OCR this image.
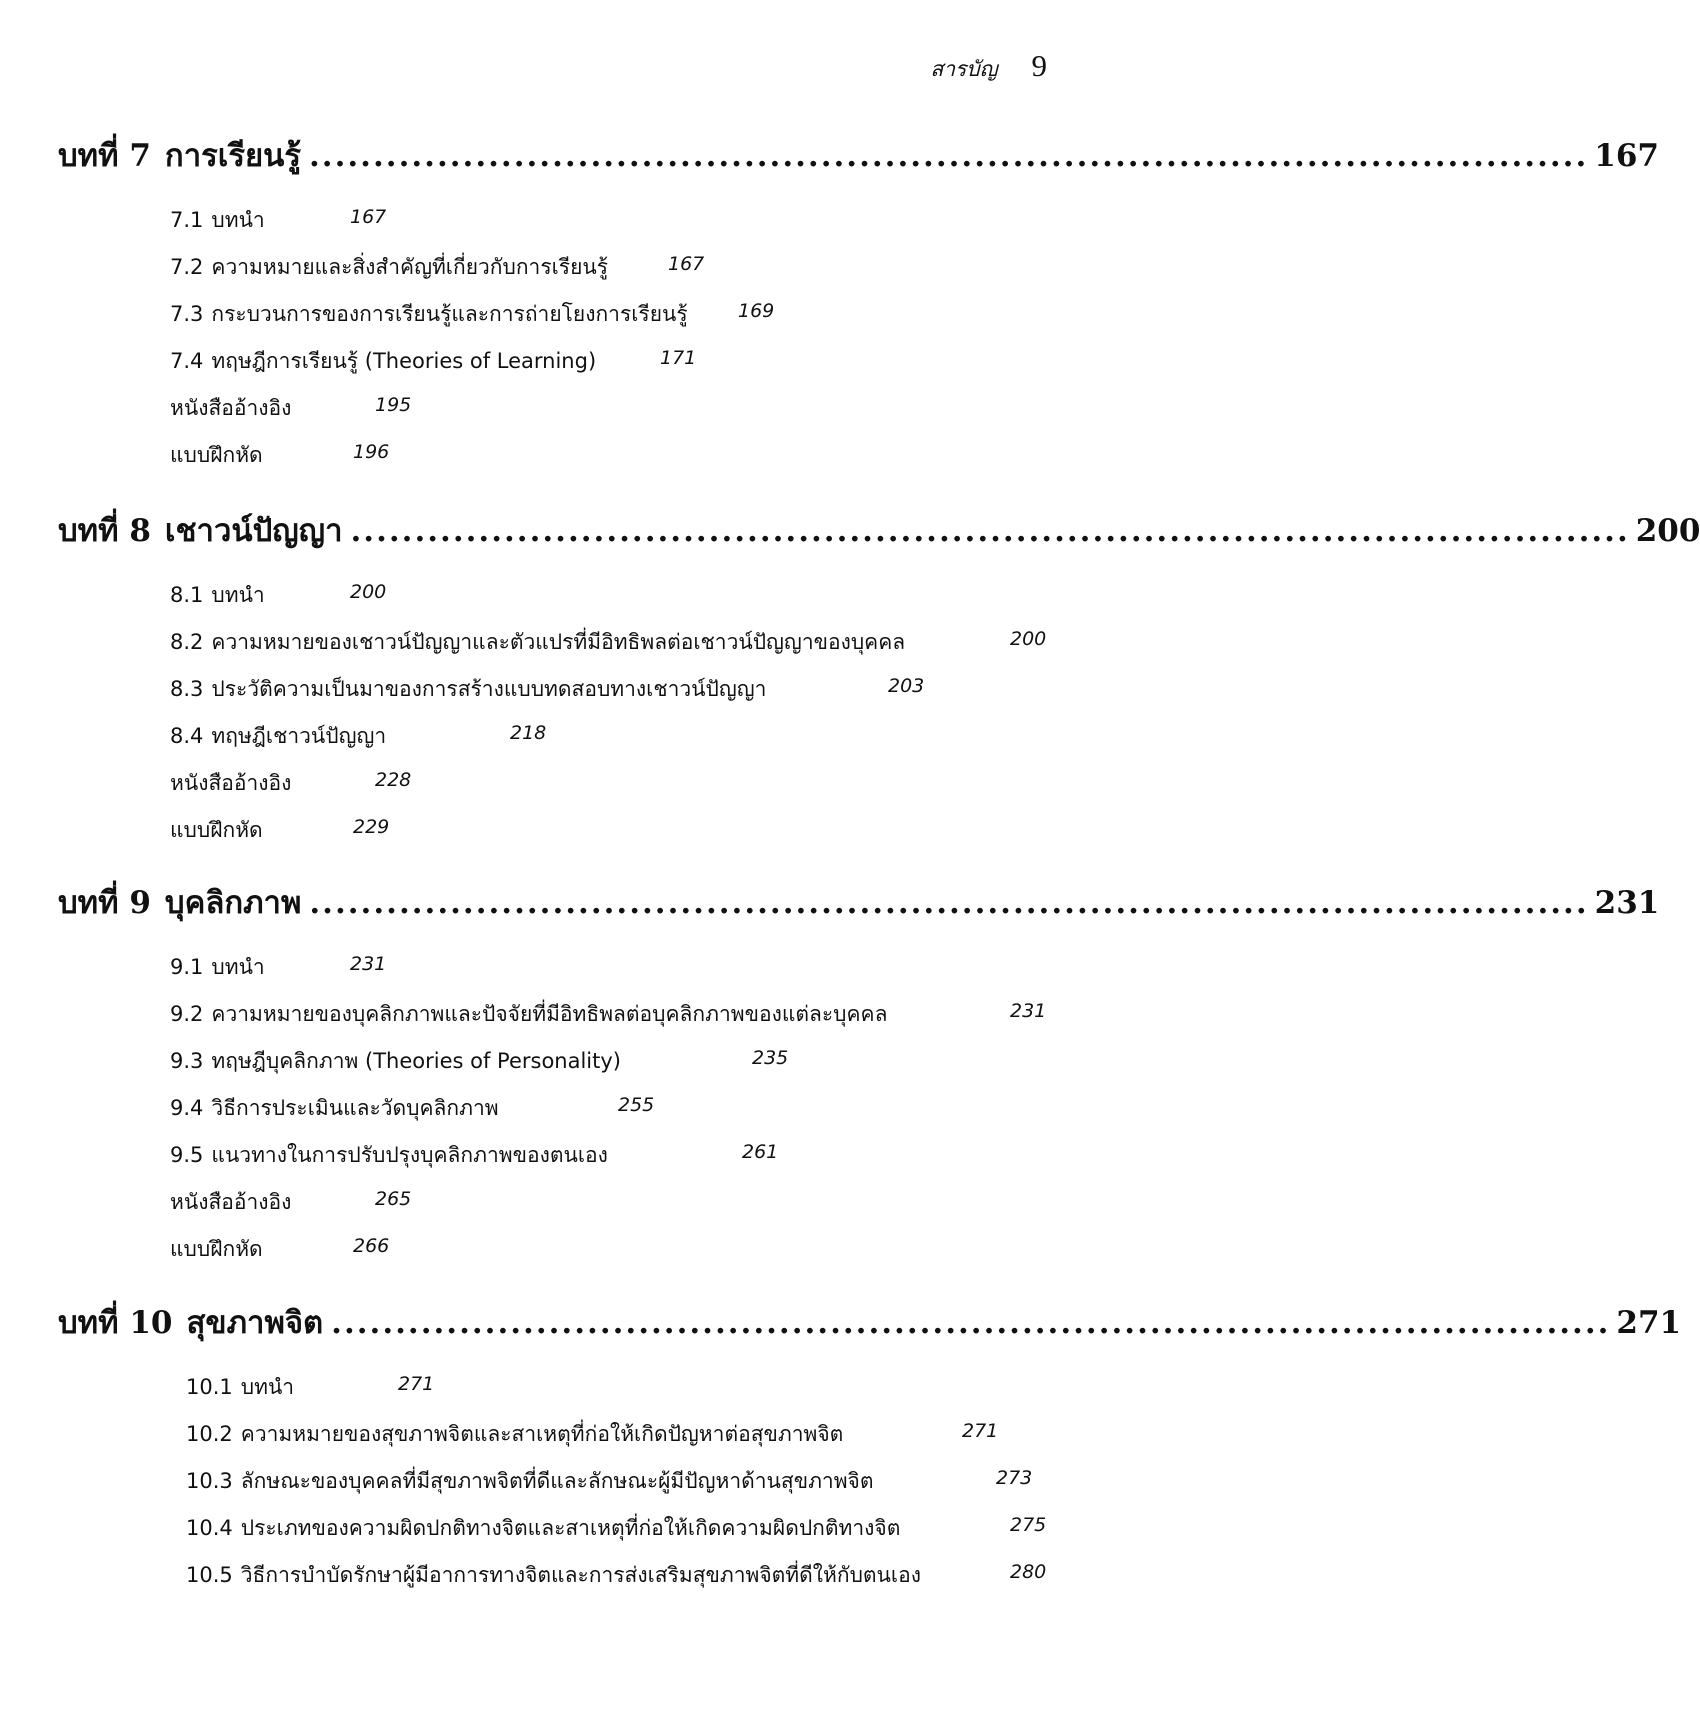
สารบัญ 9
บทที่ 7 การเรียนรู้ .................................................................................................... 167
7.1 บทนำ	167
7.2 ความหมายและสิ่งสำคัญที่เกี่ยวกับการเรียนรู้	167
7.3 กระบวนการของการเรียนรู้และการถ่ายโยงการเรียนรู้	169
7.4 ทฤษฎีการเรียนรู้ (Theories of Learning)	171
หนังสืออ้างอิง	195
แบบฝึกหัด	196
บทที่ 8 เชาวน์ปัญญา .................................................................................................... 200
8.1 บทนำ	200
8.2 ความหมายของเชาวน์ปัญญาและตัวแปรที่มีอิทธิพลต่อเชาวน์ปัญญาของบุคคล	200
8.3 ประวัติความเป็นมาของการสร้างแบบทดสอบทางเชาวน์ปัญญา	203
8.4 ทฤษฎีเชาวน์ปัญญา	218
หนังสืออ้างอิง	228
แบบฝึกหัด	229
บทที่ 9 บุคลิกภาพ .................................................................................................... 231
9.1 บทนำ	231
9.2 ความหมายของบุคลิกภาพและปัจจัยที่มีอิทธิพลต่อบุคลิกภาพของแต่ละบุคคล	231
9.3 ทฤษฎีบุคลิกภาพ (Theories of Personality)	235
9.4 วิธีการประเมินและวัดบุคลิกภาพ	255
9.5 แนวทางในการปรับปรุงบุคลิกภาพของตนเอง	261
หนังสืออ้างอิง	265
แบบฝึกหัด	266
บทที่ 10 สุขภาพจิต .................................................................................................... 271
10.1 บทนำ	271
10.2 ความหมายของสุขภาพจิตและสาเหตุที่ก่อให้เกิดปัญหาต่อสุขภาพจิต	271
10.3 ลักษณะของบุคคลที่มีสุขภาพจิตที่ดีและลักษณะผู้มีปัญหาด้านสุขภาพจิต	273
10.4 ประเภทของความผิดปกติทางจิตและสาเหตุที่ก่อให้เกิดความผิดปกติทางจิต	275
10.5 วิธีการบำบัดรักษาผู้มีอาการทางจิตและการส่งเสริมสุขภาพจิตที่ดีให้กับตนเอง	280
